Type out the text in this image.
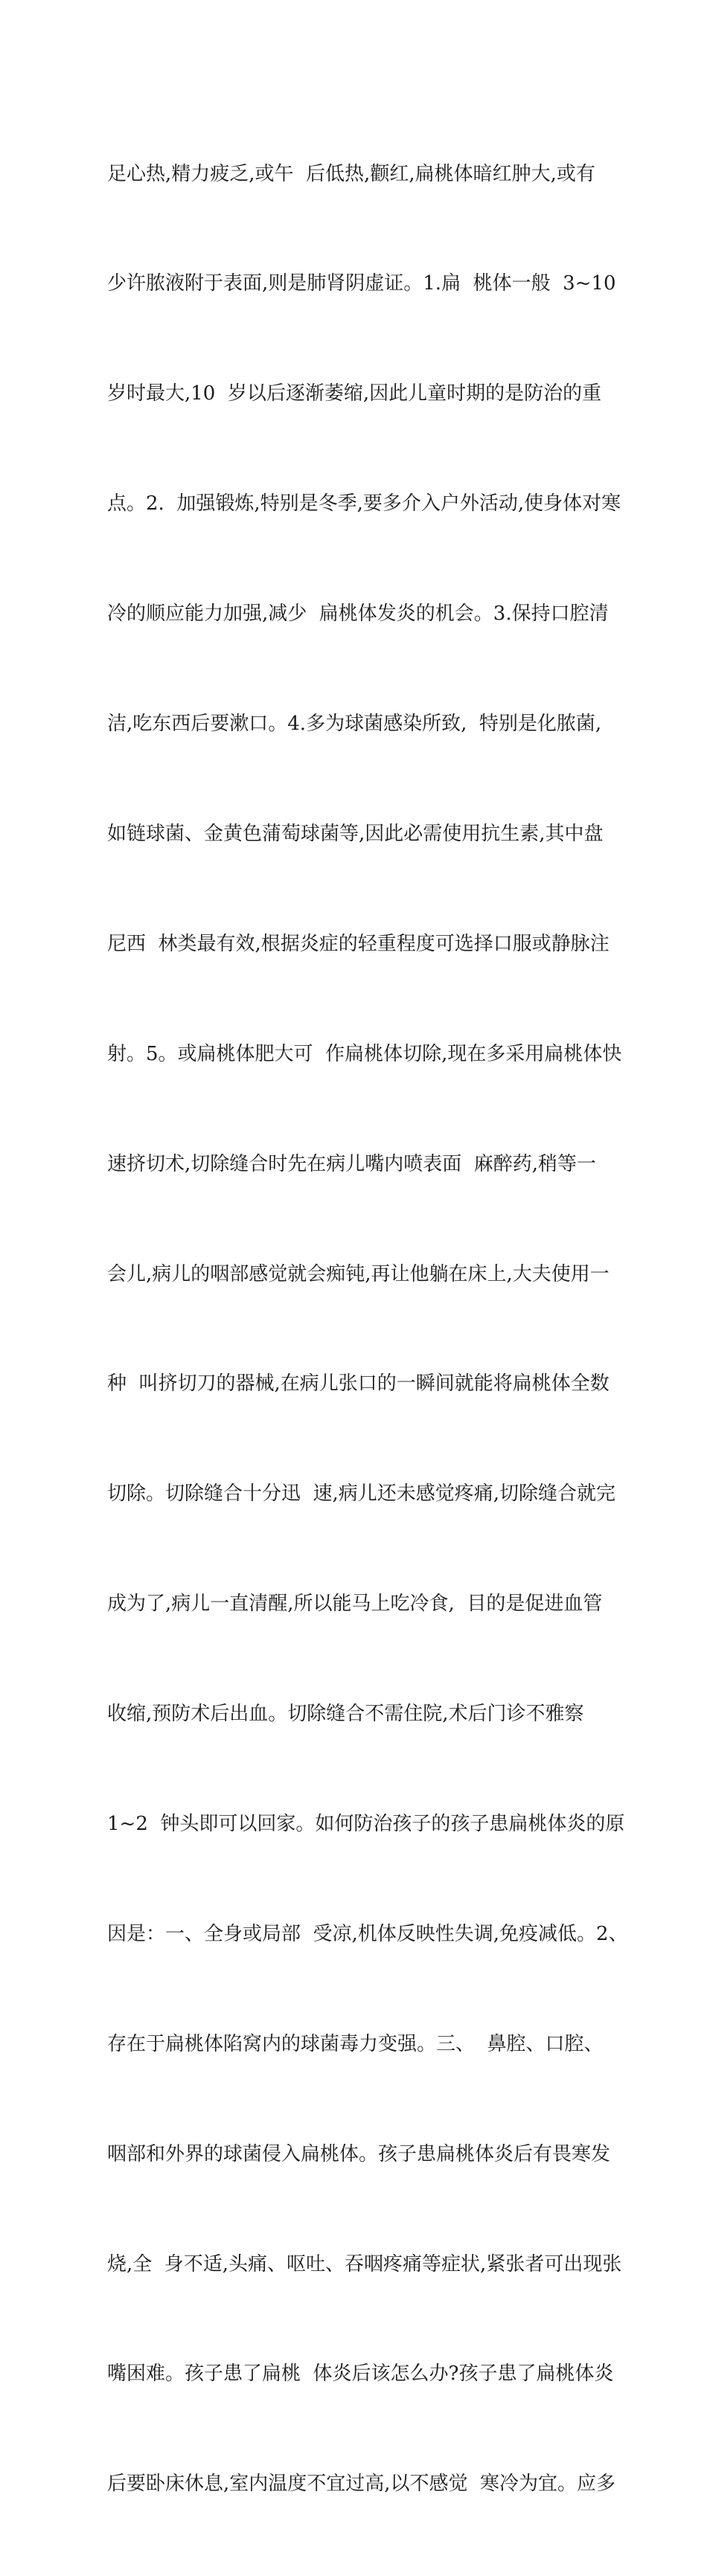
足心热,精力疲乏,或午  后低热,颧红,扁桃体暗红肿大,或有

少许脓液附于表面,则是肺肾阴虚证。1.扁  桃体一般  3~10

岁时最大,10  岁以后逐渐萎缩,因此儿童时期的是防治的重

点。2.  加强锻炼,特别是冬季,要多介入户外活动,使身体对寒

冷的顺应能力加强,减少  扁桃体发炎的机会。3.保持口腔清

洁,吃东西后要漱口。4.多为球菌感染所致,  特别是化脓菌,

如链球菌、金黄色蒲萄球菌等,因此必需使用抗生素,其中盘

尼西  林类最有效,根据炎症的轻重程度可选择口服或静脉注

射。5。或扁桃体肥大可  作扁桃体切除,现在多采用扁桃体快

速挤切术,切除缝合时先在病儿嘴内喷表面  麻醉药,稍等一

会儿,病儿的咽部感觉就会痴钝,再让他躺在床上,大夫使用一

种  叫挤切刀的器械,在病儿张口的一瞬间就能将扁桃体全数

切除。切除缝合十分迅  速,病儿还未感觉疼痛,切除缝合就完

成为了,病儿一直清醒,所以能马上吃冷食,  目的是促进血管

收缩,预防术后出血。切除缝合不需住院,术后门诊不雅察

1~2  钟头即可以回家。如何防治孩子的孩子患扁桃体炎的原

因是：一、全身或局部  受凉,机体反映性失调,免疫减低。2、

存在于扁桃体陷窝内的球菌毒力变强。三、  鼻腔、口腔、

咽部和外界的球菌侵入扁桃体。孩子患扁桃体炎后有畏寒发

烧,全  身不适,头痛、呕吐、吞咽疼痛等症状,紧张者可出现张

嘴困难。孩子患了扁桃  体炎后该怎么办?孩子患了扁桃体炎

后要卧床休息,室内温度不宜过高,以不感觉  寒冷为宜。应多
